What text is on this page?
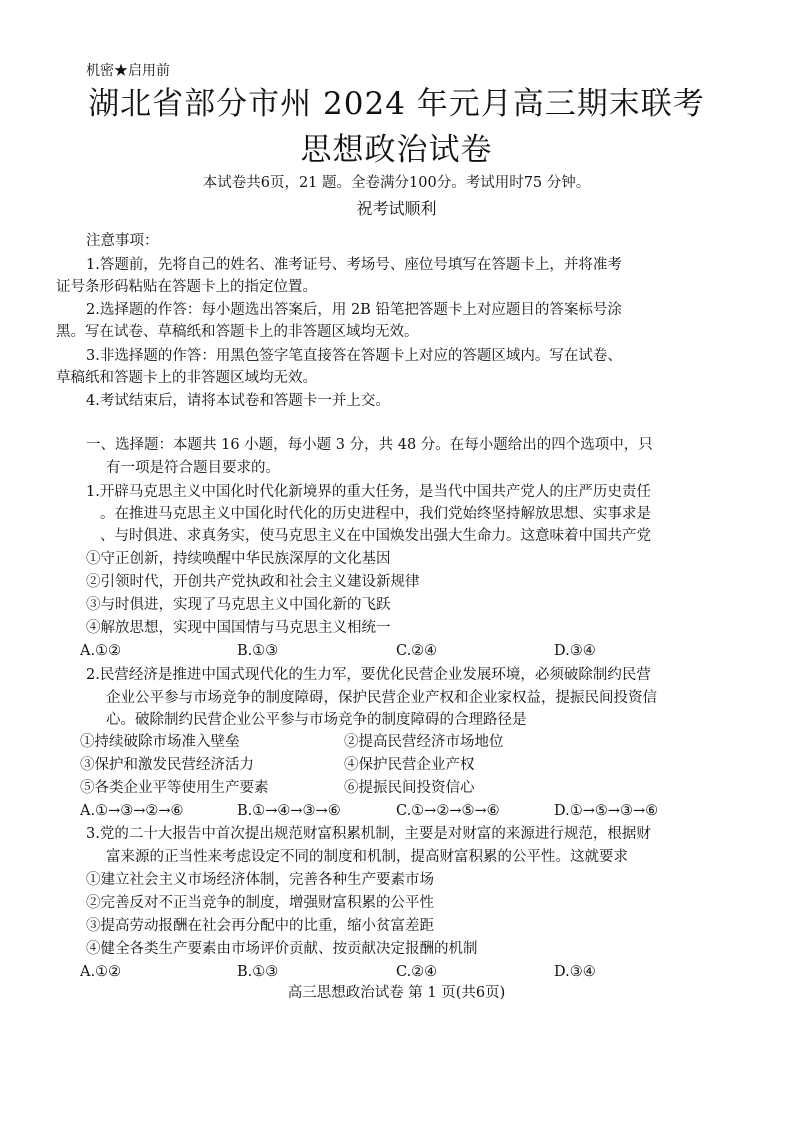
机密★启用前
湖北省部分市州 2024 年元月高三期末联考
思想政治试卷
本试卷共6页，21 题。全卷满分100分。考试用时75 分钟。
祝考试顺利
注意事项：
1.答题前，先将自己的姓名、准考证号、考场号、座位号填写在答题卡上，并将准考
证号条形码粘贴在答题卡上的指定位置。
2.选择题的作答：每小题选出答案后，用 2B 铅笔把答题卡上对应题目的答案标号涂
黑。写在试卷、草稿纸和答题卡上的非答题区域均无效。
3.非选择题的作答：用黑色签字笔直接答在答题卡上对应的答题区域内。写在试卷、
草稿纸和答题卡上的非答题区域均无效。
4.考试结束后，请将本试卷和答题卡一并上交。
一、选择题：本题共 16 小题，每小题 3 分，共 48 分。在每小题给出的四个选项中，只
有一项是符合题目要求的。
1.开辟马克思主义中国化时代化新境界的重大任务，是当代中国共产党人的庄严历史责任
。在推进马克思主义中国化时代化的历史进程中，我们党始终坚持解放思想、实事求是
、与时俱进、求真务实，使马克思主义在中国焕发出强大生命力。这意味着中国共产党
①守正创新，持续唤醒中华民族深厚的文化基因
②引领时代，开创共产党执政和社会主义建设新规律
③与时俱进，实现了马克思主义中国化新的飞跃
④解放思想，实现中国国情与马克思主义相统一
A.①②	B.①③	C.②④	D.③④
2.民营经济是推进中国式现代化的生力军，要优化民营企业发展环境，必须破除制约民营
企业公平参与市场竞争的制度障碍，保护民营企业产权和企业家权益，提振民间投资信
心。破除制约民营企业公平参与市场竞争的制度障碍的合理路径是
①持续破除市场准入壁垒	②提高民营经济市场地位
③保护和激发民营经济活力	④保护民营企业产权
⑤各类企业平等使用生产要素	⑥提振民间投资信心
A.①→③→②→⑥	B.①→④→③→⑥	C.①→②→⑤→⑥	D.①→⑤→③→⑥
3.党的二十大报告中首次提出规范财富积累机制，主要是对财富的来源进行规范，根据财
富来源的正当性来考虑设定不同的制度和机制，提高财富积累的公平性。这就要求
①建立社会主义市场经济体制，完善各种生产要素市场
②完善反对不正当竞争的制度，增强财富积累的公平性
③提高劳动报酬在社会再分配中的比重，缩小贫富差距
④健全各类生产要素由市场评价贡献、按贡献决定报酬的机制
A.①②	B.①③	C.②④	D.③④
高三思想政治试卷 第 1 页(共6页)
